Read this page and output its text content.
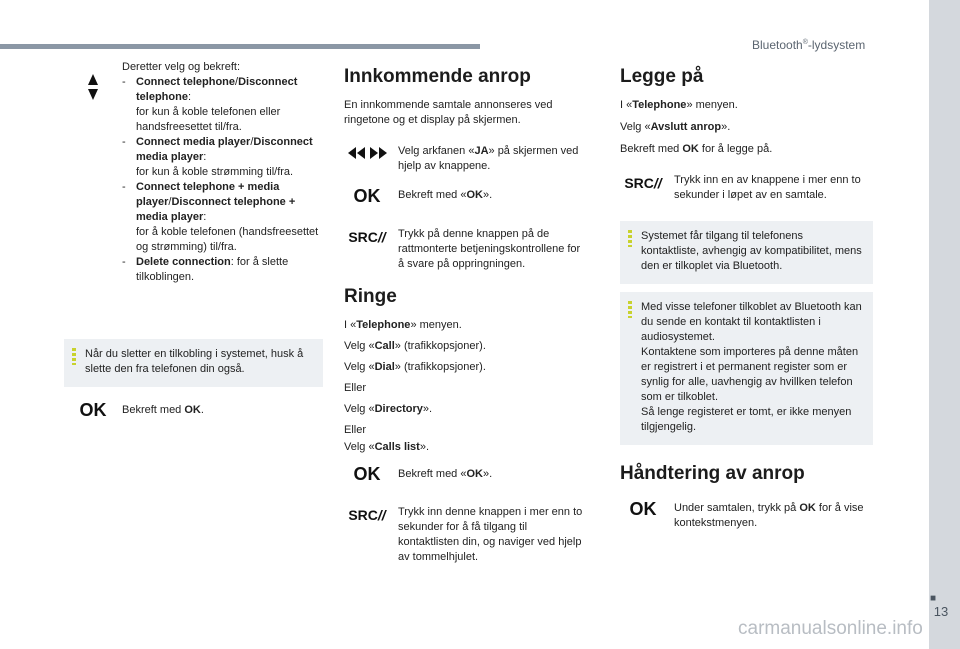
Bluetooth®-lydsystem
■
13
carmanualsonline.info

Deretter velg og bekreft:

- Connect telephone/Disconnect telephone:
for kun å koble telefonen eller handsfreesettet til/fra.
- Connect media player/Disconnect media player:
for kun å koble strømming til/fra.
- Connect telephone + media player/Disconnect telephone + media player:
for å koble telefonen (handsfreesettet og strømming) til/fra.
- Delete connection: for å slette tilkoblingen.
Når du sletter en tilkobling i systemet, husk å slette den fra telefonen din også.
OK Bekreft med OK.
Innkommende anrop

En innkommende samtale annonseres ved ringetone og et display på skjermen.

Velg arkfanen «JA» på skjermen ved hjelp av knappene.
OK Bekreft med «OK».
SRC// Trykk på denne knappen på de rattmonterte betjeningskontrollene for å svare på oppringningen.
Ringe

I «Telephone» menyen.

Velg «Call» (trafikkopsjoner).

Velg «Dial» (trafikkopsjoner).

Eller

Velg «Directory».

Eller

Velg «Calls list».

OK Bekreft med «OK».
SRC// Trykk inn denne knappen i mer enn to sekunder for å få tilgang til kontaktlisten din, og naviger ved hjelp av tommelhjulet.
Legge på

I «Telephone» menyen.

Velg «Avslutt anrop».

Bekreft med OK for å legge på.

SRC// Trykk inn en av knappene i mer enn to sekunder i løpet av en samtale.
Systemet får tilgang til telefonens kontaktliste, avhengig av kompatibilitet, mens den er tilkoplet via Bluetooth.
Med visse telefoner tilkoblet av Bluetooth kan du sende en kontakt til kontaktlisten i audiosystemet.
Kontaktene som importeres på denne måten er registrert i et permanent register som er synlig for alle, uavhengig av hvillken telefon som er tilkoblet.
Så lenge registeret er tomt, er ikke menyen tilgjengelig.
Håndtering av anrop
OK Under samtalen, trykk på OK for å vise kontekstmenyen.
